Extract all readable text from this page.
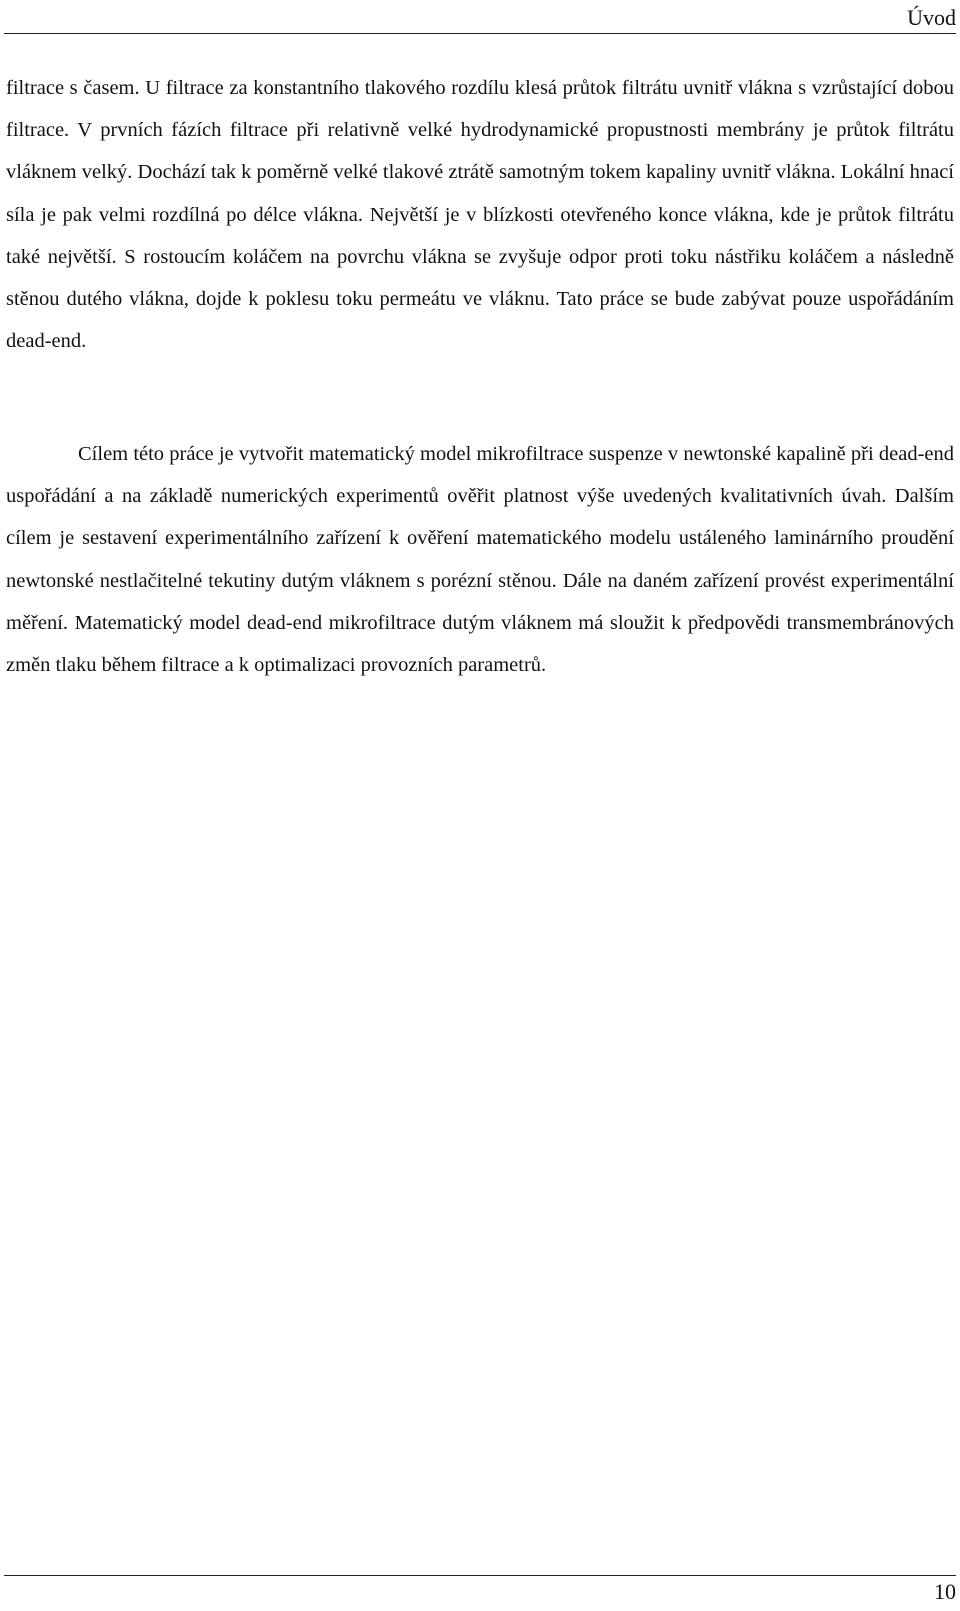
Úvod

filtrace s časem. U filtrace za konstantního tlakového rozdílu klesá průtok filtrátu uvnitř vlákna s vzrůstající dobou filtrace. V prvních fázích filtrace při relativně velké hydrodynamické propustnosti membrány je průtok filtrátu vláknem velký. Dochází tak k poměrně velké tlakové ztrátě samotným tokem kapaliny uvnitř vlákna. Lokální hnací síla je pak velmi rozdílná po délce vlákna. Největší je v blízkosti otevřeného konce vlákna, kde je průtok filtrátu také největší. S rostoucím koláčem na povrchu vlákna se zvyšuje odpor proti toku nástřiku koláčem a následně stěnou dutého vlákna, dojde k poklesu toku permeátu ve vláknu. Tato práce se bude zabývat pouze uspořádáním dead-end.

Cílem této práce je vytvořit matematický model mikrofiltrace suspenze v newtonské kapalině při dead-end uspořádání a na základě numerických experimentů ověřit platnost výše uvedených kvalitativních úvah. Dalším cílem je sestavení experimentálního zařízení k ověření matematického modelu ustáleného laminárního proudění newtonské nestlačitelné tekutiny dutým vláknem s porézní stěnou. Dále na daném zařízení provést experimentální měření. Matematický model dead-end mikrofiltrace dutým vláknem má sloužit k předpovědi transmembránových změn tlaku během filtrace a k optimalizaci provozních parametrů.

10
